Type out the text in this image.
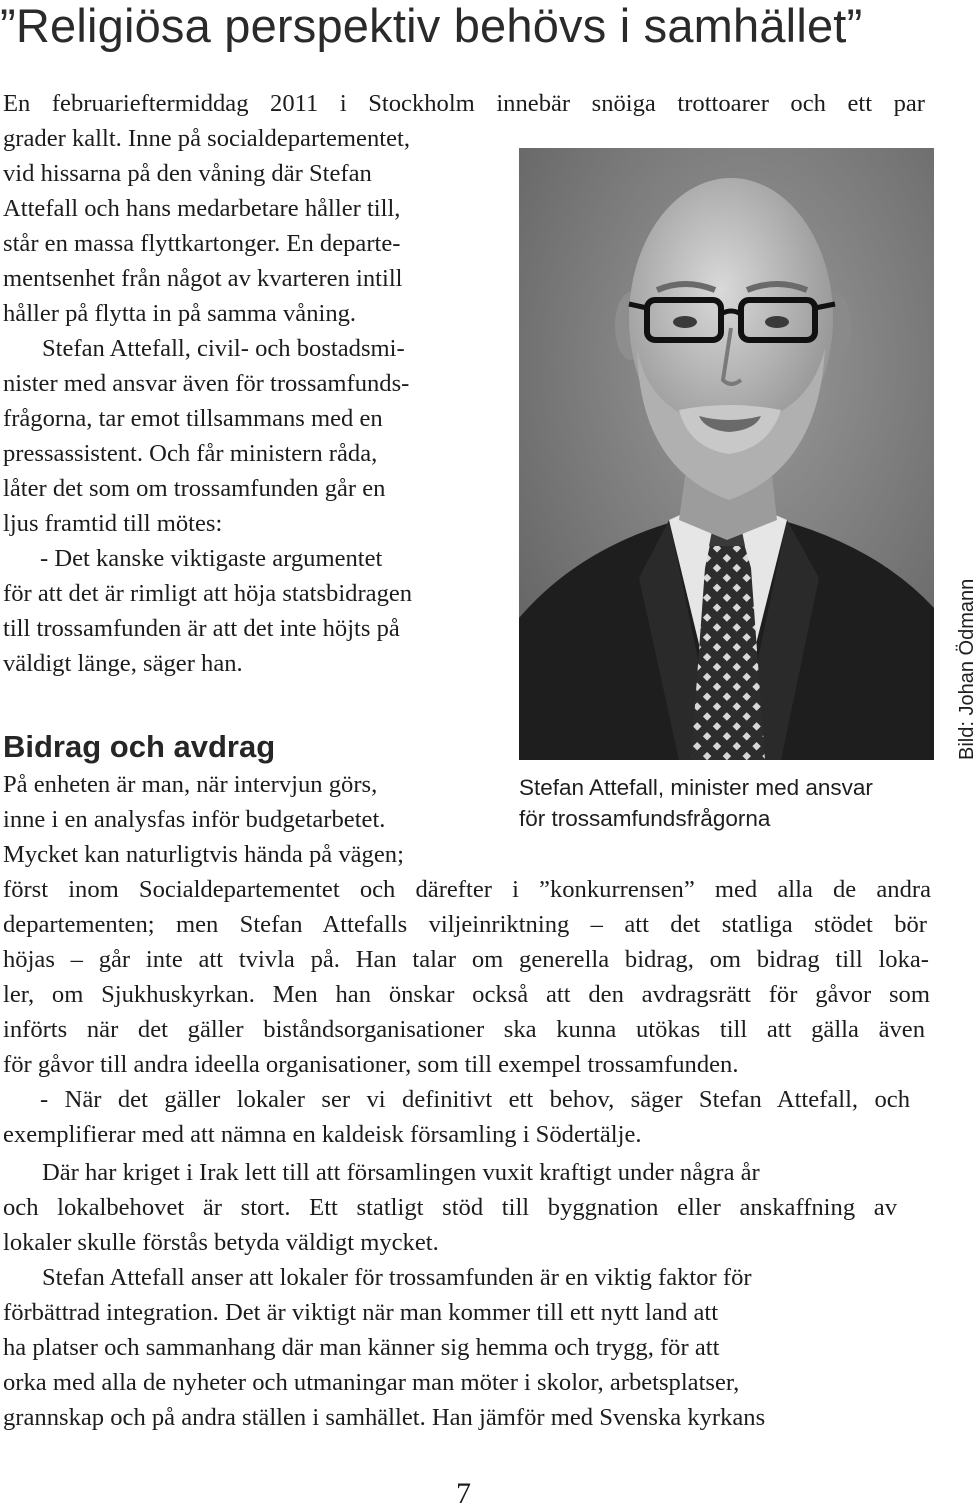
”Religiösa perspektiv behövs i samhället”

En februarieftermiddag 2011 i Stockholm innebär snöiga trottoarer och ett par

grader kallt. Inne på socialdepartementet,

vid hissarna på den våning där Stefan

Attefall och hans medarbetare håller till,

står en massa flyttkartonger. En departe-

mentsenhet från något av kvarteren intill

håller på flytta in på samma våning.

Stefan Attefall, civil- och bostadsmi-

nister med ansvar även för trossamfunds-

frågorna, tar emot tillsammans med en

pressassistent. Och får ministern råda,

låter det som om trossamfunden går en

ljus framtid till mötes:

- Det kanske viktigaste argumentet

för att det är rimligt att höja statsbidragen

till trossamfunden är att det inte höjts på

väldigt länge, säger han.

Bidrag och avdrag

På enheten är man, när intervjun görs,

inne i en analysfas inför budgetarbetet.

Mycket kan naturligtvis hända på vägen;

först inom Socialdepartementet och därefter i ”konkurrensen” med alla de andra

departementen; men Stefan Attefalls viljeinriktning – att det statliga stödet bör

höjas – går inte att tvivla på. Han talar om generella bidrag, om bidrag till loka-

ler, om Sjukhuskyrkan. Men han önskar också att den avdragsrätt för gåvor som

införts när det gäller biståndsorganisationer ska kunna utökas till att gälla även

för gåvor till andra ideella organisationer, som till exempel trossamfunden.

- När det gäller lokaler ser vi definitivt ett behov, säger Stefan Attefall, och

exemplifierar med att nämna en kaldeisk församling i Södertälje.

Där har kriget i Irak lett till att församlingen vuxit kraftigt under några år

och lokalbehovet är stort. Ett statligt stöd till byggnation eller anskaffning av

lokaler skulle förstås betyda väldigt mycket.

Stefan Attefall anser att lokaler för trossamfunden är en viktig faktor för

förbättrad integration. Det är viktigt när man kommer till ett nytt land att

ha platser och sammanhang där man känner sig hemma och trygg, för att

orka med alla de nyheter och utmaningar man möter i skolor, arbetsplatser,

grannskap och på andra ställen i samhället. Han jämför med Svenska kyrkans

Stefan Attefall, minister med ansvar

för trossamfundsfrågorna

Bild: Johan Ödmann

7
